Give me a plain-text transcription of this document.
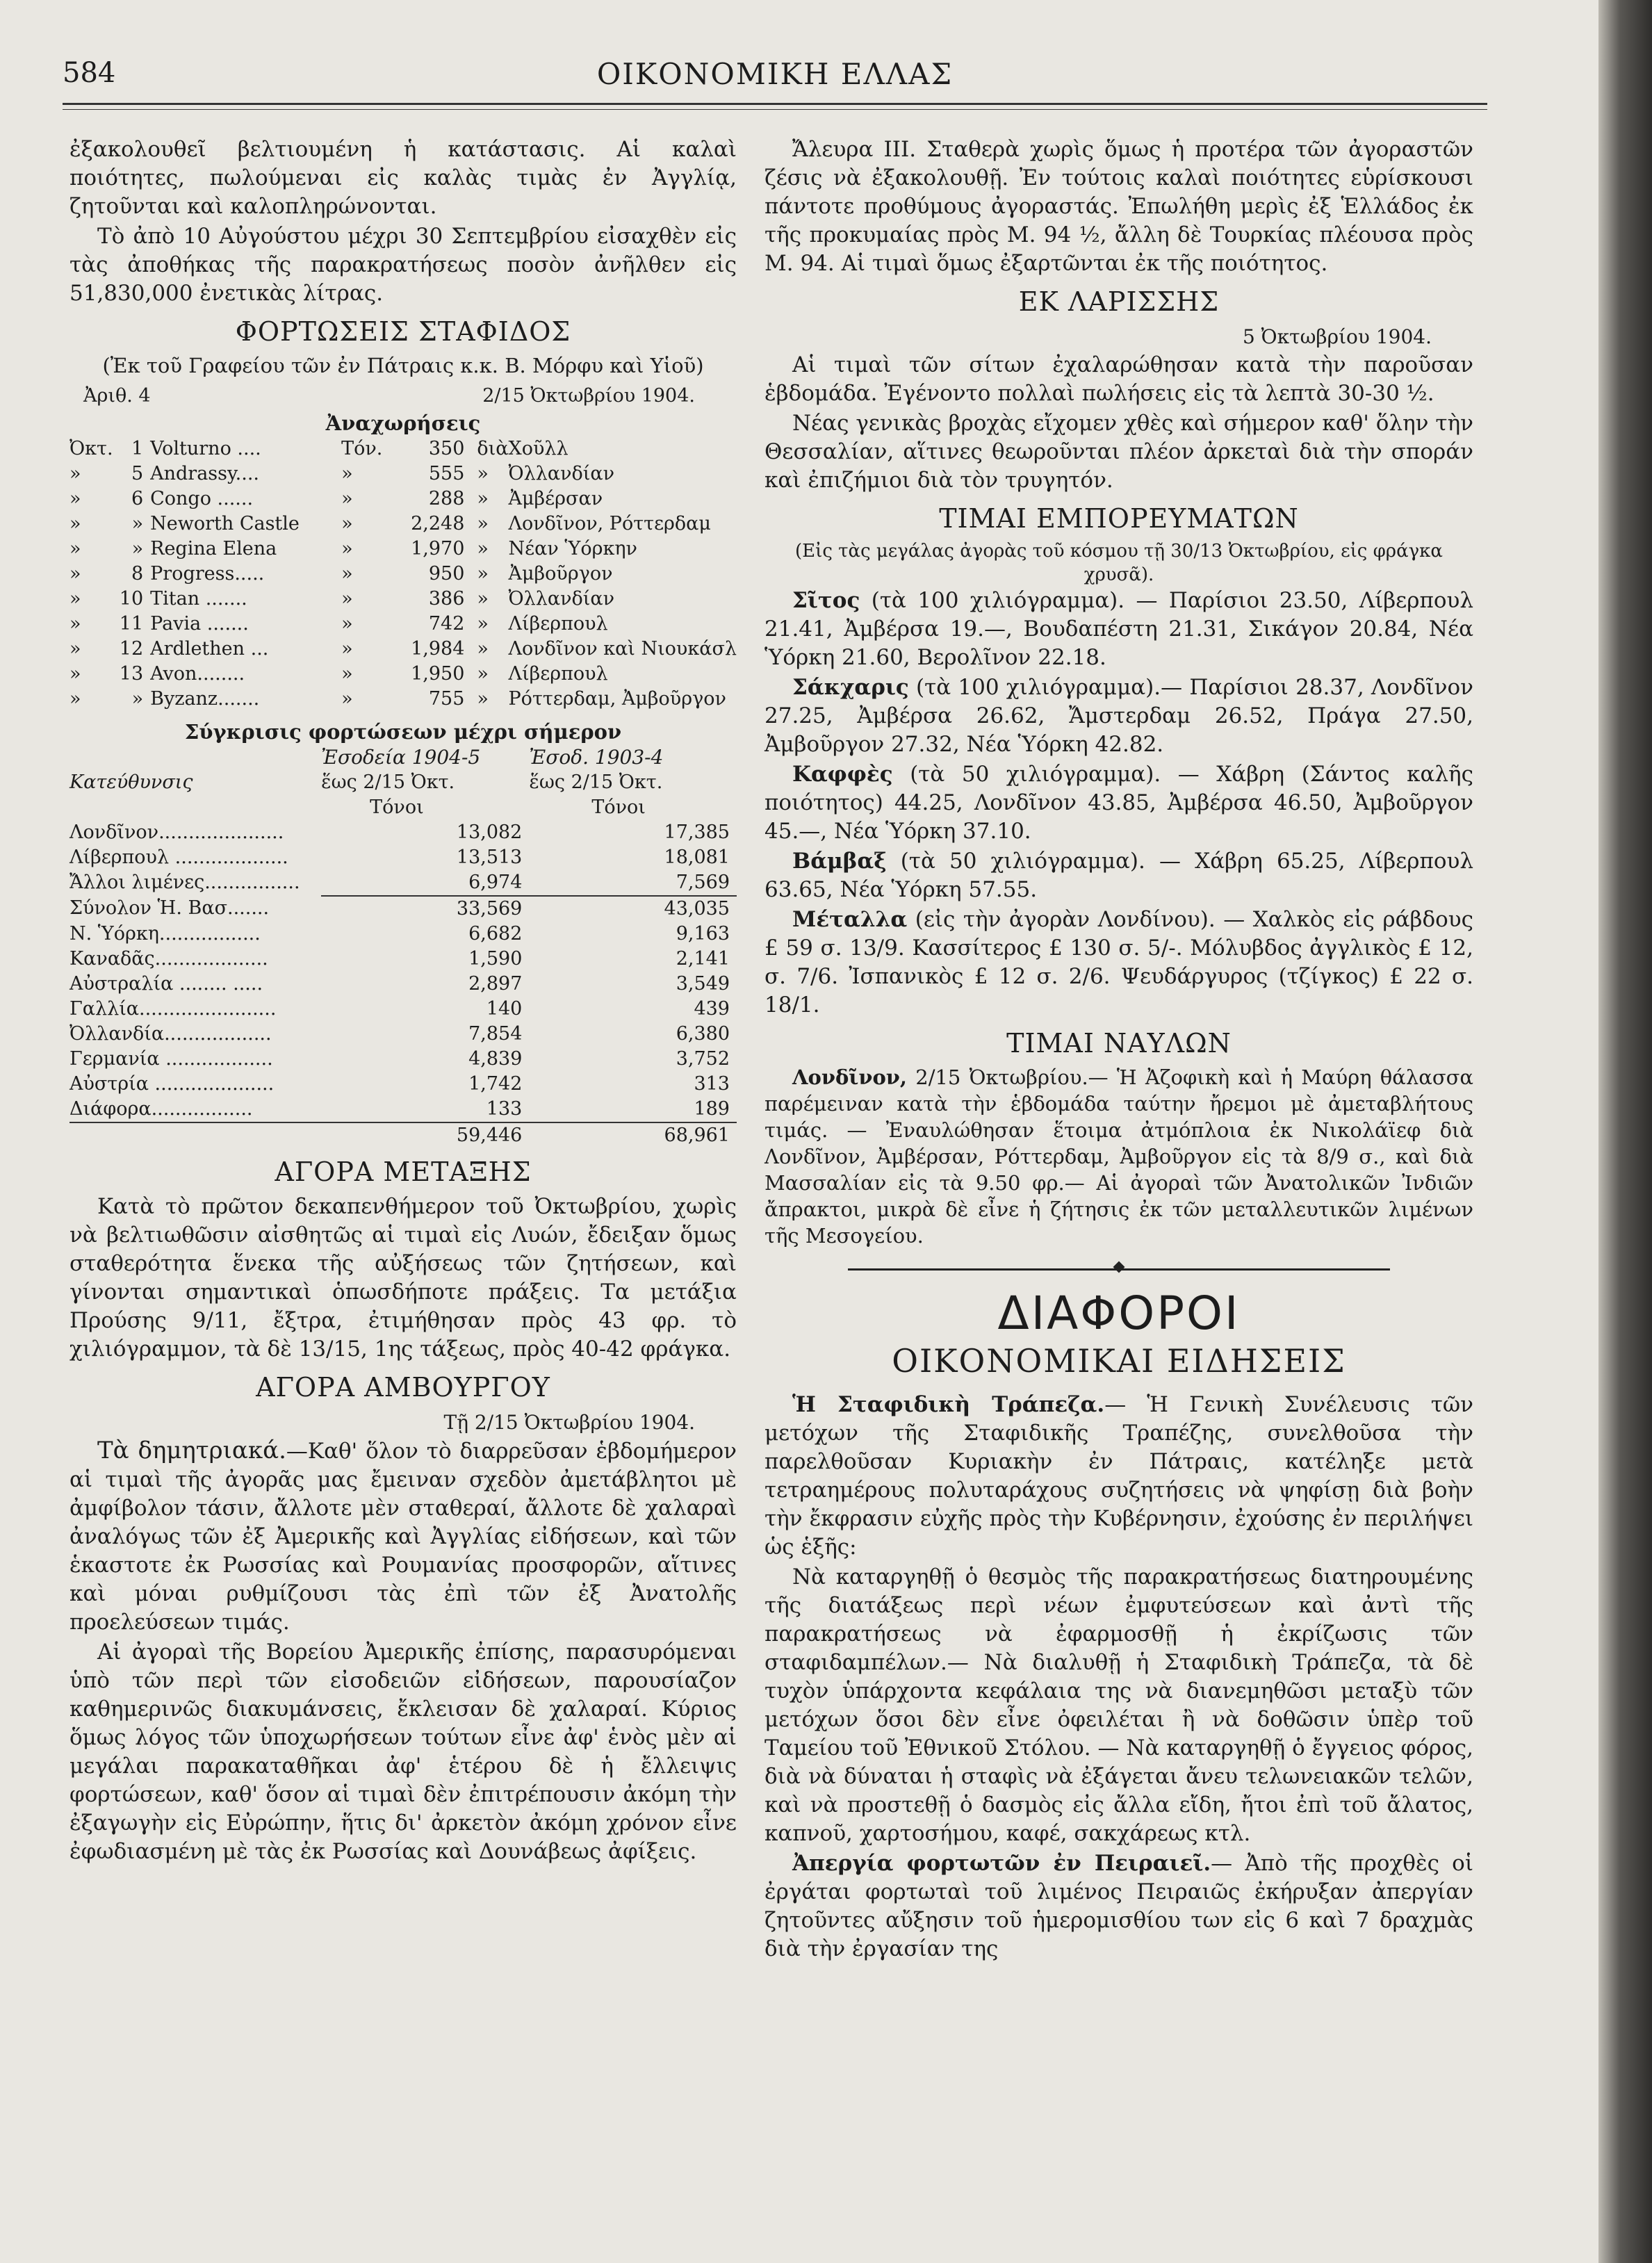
584	ΟΙΚΟΝΟΜΙΚΗ ΕΛΛΑΣ

ἐξακολουθεῖ βελτιουμένη ἡ κατάστασις. Αἱ καλαὶ ποιότητες, πωλούμεναι εἰς καλὰς τιμὰς ἐν Ἀγγλίᾳ, ζητοῦνται καὶ καλοπληρώνονται.

Τὸ ἀπὸ 10 Αὐγούστου μέχρι 30 Σεπτεμβρίου εἰσαχθὲν εἰς τὰς ἀποθήκας τῆς παρακρατήσεως ποσὸν ἀνῆλθεν εἰς 51,830,000 ἐνετικὰς λίτρας.

ΦΟΡΤΩΣΕΙΣ ΣΤΑΦΙΔΟΣ
(Ἐκ τοῦ Γραφείου τῶν ἐν Πάτραις κ.κ. Β. Μόρφυ καὶ Υἱοῦ)
Ἀριθ. 4	2/15 Ὀκτωβρίου 1904.
Ἀναχωρήσεις
Ὀκτ.	1	Volturno ....	Τόν.	350	διὰ	Χοῦλλ
»	5	Andrassy....	»	555	»	Ὀλλανδίαν
»	6	Congo ......	»	288	»	Ἀμβέρσαν
»	»	Neworth Castle	»	2,248	»	Λονδῖνον, Ρόττερδαμ
»	»	Regina Elena	»	1,970	»	Νέαν Ὑόρκην
»	8	Progress.....	»	950	»	Ἀμβοῦργον
»	10	Titan .......	»	386	»	Ὀλλανδίαν
»	11	Pavia .......	»	742	»	Λίβερπουλ
»	12	Ardlethen ...	»	1,984	»	Λονδῖνον καὶ Νιουκάσλ
»	13	Avon........	»	1,950	»	Λίβερπουλ
»	»	Byzanz.......	»	755	»	Ρόττερδαμ, Ἀμβοῦργον
Σύγκρισις φορτώσεων μέχρι σήμερον
	Ἐσοδεία 1904-5	Ἐσοδ. 1903-4
Κατεύθυνσις	ἕως 2/15 Ὀκτ.	ἕως 2/15 Ὀκτ.
	Τόνοι	Τόνοι
Λονδῖνον.....................	13,082	17,385
Λίβερπουλ ...................	13,513	18,081
Ἄλλοι λιμένες................	6,974	7,569
Σύνολον Ἡ. Βασ.......	33,569	43,035
Ν. Ὑόρκη.................	6,682	9,163
Καναδᾶς...................	1,590	2,141
Αὐστραλία ........ .....	2,897	3,549
Γαλλία.......................	140	439
Ὀλλανδία..................	7,854	6,380
Γερμανία ..................	4,839	3,752
Αὐστρία ....................	1,742	313
Διάφορα.................	133	189
	59,446	68,961
ΑΓΟΡΑ ΜΕΤΑΞΗΣ

Κατὰ τὸ πρῶτον δεκαπενθήμερον τοῦ Ὀκτωβρίου, χωρὶς νὰ βελτιωθῶσιν αἰσθητῶς αἱ τιμαὶ εἰς Λυών, ἔδειξαν ὅμως σταθερότητα ἕνεκα τῆς αὐξήσεως τῶν ζητήσεων, καὶ γίνονται σημαντικαὶ ὁπωσδήποτε πράξεις. Τα μετάξια Προύσης 9/11, ἔξτρα, ἐτιμήθησαν πρὸς 43 φρ. τὸ χιλιόγραμμον, τὰ δὲ 13/15, 1ης τάξεως, πρὸς 40-42 φράγκα.

ΑΓΟΡΑ ΑΜΒΟΥΡΓΟΥ

Τῇ 2/15 Ὀκτωβρίου 1904.

Τὰ δημητριακά.—Καθ' ὅλον τὸ διαρρεῦσαν ἑβδομήμερον αἱ τιμαὶ τῆς ἀγορᾶς μας ἔμειναν σχεδὸν ἀμετάβλητοι μὲ ἀμφίβολον τάσιν, ἄλλοτε μὲν σταθεραί, ἄλλοτε δὲ χαλαραὶ ἀναλόγως τῶν ἐξ Ἀμερικῆς καὶ Ἀγγλίας εἰδήσεων, καὶ τῶν ἑκαστοτε ἐκ Ρωσσίας καὶ Ρουμανίας προσφορῶν, αἵτινες καὶ μόναι ρυθμίζουσι τὰς ἐπὶ τῶν ἐξ Ἀνατολῆς προελεύσεων τιμάς.

Αἱ ἀγοραὶ τῆς Βορείου Ἀμερικῆς ἐπίσης, παρασυρόμεναι ὑπὸ τῶν περὶ τῶν εἰσοδειῶν εἰδήσεων, παρουσίαζον καθημερινῶς διακυμάνσεις, ἔκλεισαν δὲ χαλαραί. Κύριος ὅμως λόγος τῶν ὑποχωρήσεων τούτων εἶνε ἀφ' ἑνὸς μὲν αἱ μεγάλαι παρακαταθῆκαι ἀφ' ἑτέρου δὲ ἡ ἔλλειψις φορτώσεων, καθ' ὅσον αἱ τιμαὶ δὲν ἐπιτρέπουσιν ἀκόμη τὴν ἐξαγωγὴν εἰς Εὐρώπην, ἥτις δι' ἀρκετὸν ἀκόμη χρόνον εἶνε ἐφωδιασμένη μὲ τὰς ἐκ Ρωσσίας καὶ Δουνάβεως ἀφίξεις.

Ἄλευρα ΙΙΙ. Σταθερὰ χωρὶς ὅμως ἡ προτέρα τῶν ἀγοραστῶν ζέσις νὰ ἐξακολουθῇ. Ἐν τούτοις καλαὶ ποιότητες εὑρίσκουσι πάντοτε προθύμους ἀγοραστάς. Ἐπωλήθη μερὶς ἐξ Ἑλλάδος ἐκ τῆς προκυμαίας πρὸς Μ. 94 ½, ἄλλη δὲ Τουρκίας πλέουσα πρὸς Μ. 94. Αἱ τιμαὶ ὅμως ἐξαρτῶνται ἐκ τῆς ποιότητος.

ΕΚ ΛΑΡΙΣΣΗΣ

5 Ὀκτωβρίου 1904.

Αἱ τιμαὶ τῶν σίτων ἐχαλαρώθησαν κατὰ τὴν παροῦσαν ἑβδομάδα. Ἐγένοντο πολλαὶ πωλήσεις εἰς τὰ λεπτὰ 30-30 ½.

Νέας γενικὰς βροχὰς εἴχομεν χθὲς καὶ σήμερον καθ' ὅλην τὴν Θεσσαλίαν, αἵτινες θεωροῦνται πλέον ἀρκεταὶ διὰ τὴν σποράν καὶ ἐπιζήμιοι διὰ τὸν τρυγητόν.

ΤΙΜΑΙ ΕΜΠΟΡΕΥΜΑΤΩΝ
(Εἰς τὰς μεγάλας ἀγορὰς τοῦ κόσμου τῇ 30/13 Ὀκτωβρίου, εἰς φράγκα χρυσᾶ).

Σῖτος (τὰ 100 χιλιόγραμμα). — Παρίσιοι 23.50, Λίβερπουλ 21.41, Ἀμβέρσα 19.—, Βουδαπέστη 21.31, Σικάγον 20.84, Νέα Ὑόρκη 21.60, Βερολῖνον 22.18.

Σάκχαρις (τὰ 100 χιλιόγραμμα).— Παρίσιοι 28.37, Λονδῖνον 27.25, Ἀμβέρσα 26.62, Ἄμστερδαμ 26.52, Πράγα 27.50, Ἀμβοῦργον 27.32, Νέα Ὑόρκη 42.82.

Καφφὲς (τὰ 50 χιλιόγραμμα). — Χάβρη (Σάντος καλῆς ποιότητος) 44.25, Λονδῖνον 43.85, Ἀμβέρσα 46.50, Ἀμβοῦργον 45.—, Νέα Ὑόρκη 37.10.

Βάμβαξ (τὰ 50 χιλιόγραμμα). — Χάβρη 65.25, Λίβερπουλ 63.65, Νέα Ὑόρκη 57.55.

Μέταλλα (εἰς τὴν ἀγορὰν Λονδίνου). — Χαλκὸς εἰς ράβδους £ 59 σ. 13/9. Κασσίτερος £ 130 σ. 5/-. Μόλυβδος ἀγγλικὸς £ 12, σ. 7/6. Ἰσπανικὸς £ 12 σ. 2/6. Ψευδάργυρος (τζίγκος) £ 22 σ. 18/1.

ΤΙΜΑΙ ΝΑΥΛΩΝ

Λονδῖνον, 2/15 Ὀκτωβρίου.— Ἡ Ἀζοφικὴ καὶ ἡ Μαύρη θάλασσα παρέμειναν κατὰ τὴν ἑβδομάδα ταύτην ἤρεμοι μὲ ἀμεταβλήτους τιμάς. — Ἐναυλώθησαν ἕτοιμα ἀτμόπλοια ἐκ Νικολάϊεφ διὰ Λονδῖνον, Ἀμβέρσαν, Ρόττερδαμ, Ἀμβοῦργον εἰς τὰ 8/9 σ., καὶ διὰ Μασσαλίαν εἰς τὰ 9.50 φρ.— Αἱ ἀγοραὶ τῶν Ἀνατολικῶν Ἰνδιῶν ἄπρακτοι, μικρὰ δὲ εἶνε ἡ ζήτησις ἐκ τῶν μεταλλευτικῶν λιμένων τῆς Μεσογείου.

ΔΙΑΦΟΡΟΙ
ΟΙΚΟΝΟΜΙΚΑΙ ΕΙΔΗΣΕΙΣ

Ἡ Σταφιδικὴ Τράπεζα.— Ἡ Γενικὴ Συνέλευσις τῶν μετόχων τῆς Σταφιδικῆς Τραπέζης, συνελθοῦσα τὴν παρελθοῦσαν Κυριακὴν ἐν Πάτραις, κατέληξε μετὰ τετραημέρους πολυταράχους συζητήσεις νὰ ψηφίσῃ διὰ βοὴν τὴν ἔκφρασιν εὐχῆς πρὸς τὴν Κυβέρνησιν, ἐχούσης ἐν περιλήψει ὡς ἑξῆς:

Νὰ καταργηθῇ ὁ θεσμὸς τῆς παρακρατήσεως διατηρουμένης τῆς διατάξεως περὶ νέων ἐμφυτεύσεων καὶ ἀντὶ τῆς παρακρατήσεως νὰ ἐφαρμοσθῇ ἡ ἐκρίζωσις τῶν σταφιδαμπέλων.— Νὰ διαλυθῇ ἡ Σταφιδικὴ Τράπεζα, τὰ δὲ τυχὸν ὑπάρχοντα κεφάλαια της νὰ διανεμηθῶσι μεταξὺ τῶν μετόχων ὅσοι δὲν εἶνε ὀφειλέται ἢ νὰ δοθῶσιν ὑπὲρ τοῦ Ταμείου τοῦ Ἐθνικοῦ Στόλου. — Νὰ καταργηθῇ ὁ ἔγγειος φόρος, διὰ νὰ δύναται ἡ σταφὶς νὰ ἐξάγεται ἄνευ τελωνειακῶν τελῶν, καὶ νὰ προστεθῇ ὁ δασμὸς εἰς ἄλλα εἴδη, ἤτοι ἐπὶ τοῦ ἄλατος, καπνοῦ, χαρτοσήμου, καφέ, σακχάρεως κτλ.

Ἀπεργία φορτωτῶν ἐν Πειραιεῖ.— Ἀπὸ τῆς προχθὲς οἱ ἐργάται φορτωταὶ τοῦ λιμένος Πειραιῶς ἐκήρυξαν ἀπεργίαν ζητοῦντες αὔξησιν τοῦ ἡμερομισθίου των εἰς 6 καὶ 7 δραχμὰς διὰ τὴν ἐργασίαν της
